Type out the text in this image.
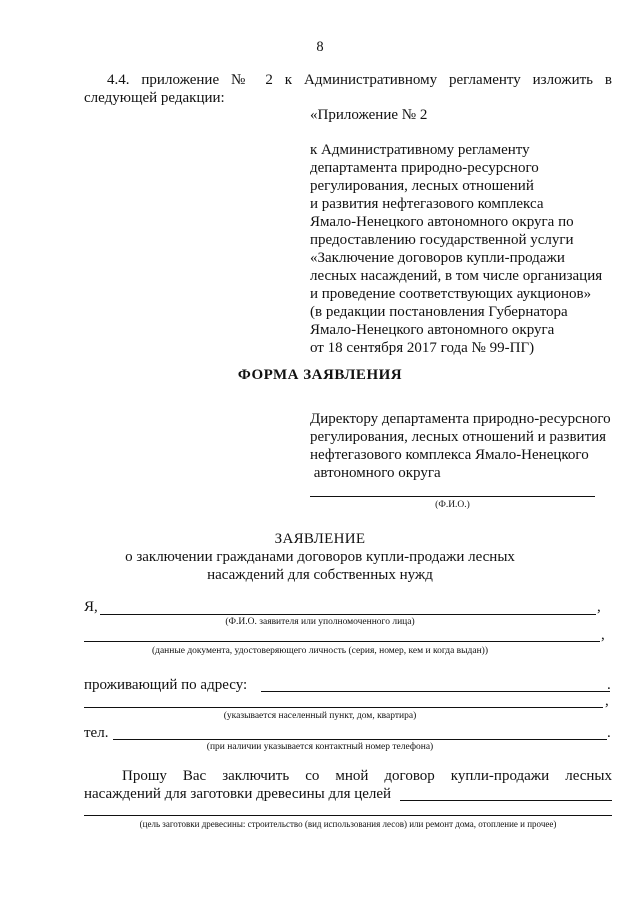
8
4.4. приложение № 2 к Административному регламенту изложить в
следующей редакции:
«Приложение № 2
к Административному регламенту
департамента природно-ресурсного
регулирования, лесных отношений
и развития нефтегазового комплекса
Ямало-Ненецкого автономного округа по
предоставлению государственной услуги
«Заключение договоров купли-продажи
лесных насаждений, в том числе организация
и проведение соответствующих аукционов»
(в редакции постановления Губернатора
Ямало-Ненецкого автономного округа
от 18 сентября 2017 года № 99-ПГ)
ФОРМА ЗАЯВЛЕНИЯ
Директору департамента природно-ресурсного
регулирования, лесных отношений и развития
нефтегазового комплекса Ямало-Ненецкого
автономного округа
(Ф.И.О.)
ЗАЯВЛЕНИЕ
о заключении гражданами договоров купли-продажи лесных
насаждений для собственных нужд
Я,	,
(Ф.И.О. заявителя или уполномоченного лица)
,
(данные документа, удостоверяющего личность (серия, номер, кем и когда выдан))
проживающий по адресу:	.
,
(указывается населенный пункт, дом, квартира)
тел.	.
(при наличии указывается контактный номер телефона)
Прошу Вас заключить со мной договор купли-продажи лесных
насаждений для заготовки древесины для целей
(цель заготовки древесины: строительство (вид использования лесов) или ремонт дома, отопление и прочее)
